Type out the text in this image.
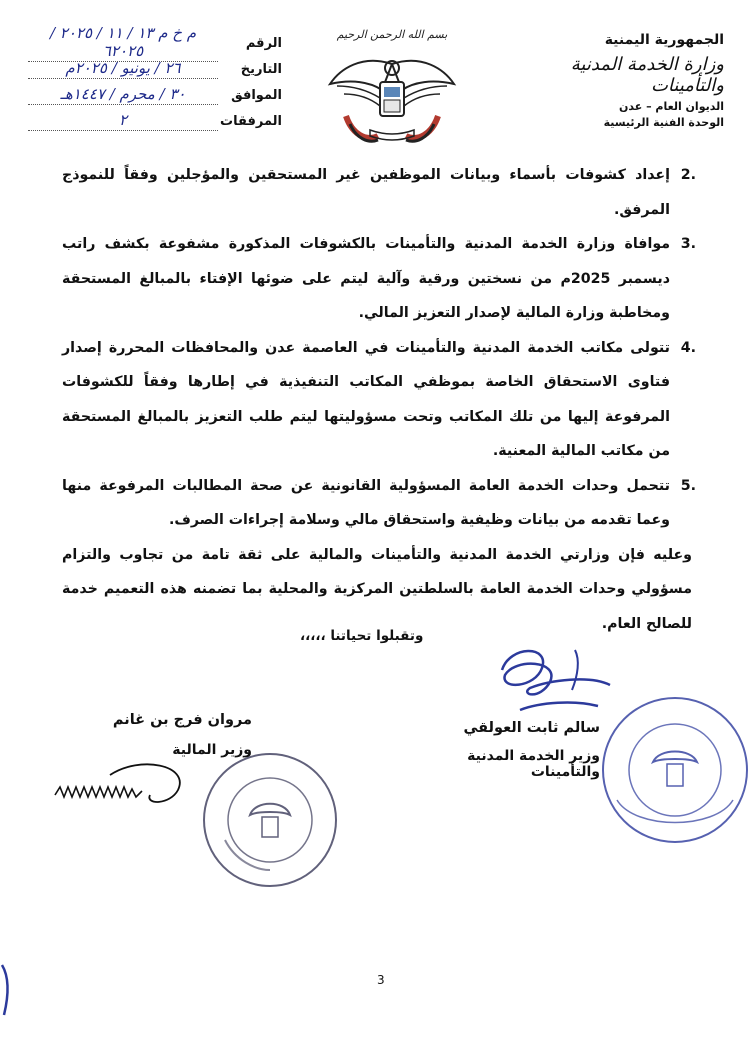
الجمهورية اليمنية
وزارة الخدمة المدنية والتأمينات
الديوان العام – عدن
الوحدة الفنية الرئيسية
بسم الله الرحمن الرحيم
الرقم
م خ م ١٣ / ١١ / ٢٠٢٥ / ٦٢٠٢٥
التاريخ
٢٦ / يونيو / ٢٠٢٥م
الموافق
٣٠ / محرم / ١٤٤٧هـ
المرفقات
٢

.2
إعداد كشوفات بأسماء وبيانات الموظفين غير المستحقين والمؤجلين وفقاً للنموذج المرفق.

.3
موافاة وزارة الخدمة المدنية والتأمينات بالكشوفات المذكورة مشفوعة بكشف راتب ديسمبر 2025م من نسختين ورقية وآلية ليتم على ضوئها الإفتاء بالمبالغ المستحقة ومخاطبة وزارة المالية لإصدار التعزيز المالي.

.4
تتولى مكاتب الخدمة المدنية والتأمينات في العاصمة عدن والمحافظات المحررة إصدار فتاوى الاستحقاق الخاصة بموظفي المكاتب التنفيذية في إطارها وفقاً للكشوفات المرفوعة إليها من تلك المكاتب وتحت مسؤوليتها ليتم طلب التعزيز بالمبالغ المستحقة من مكاتب المالية المعنية.

.5
تتحمل وحدات الخدمة العامة المسؤولية القانونية عن صحة المطالبات المرفوعة منها وعما تقدمه من بيانات وظيفية واستحقاق مالي وسلامة إجراءات الصرف.

وعليه فإن وزارتي الخدمة المدنية والتأمينات والمالية على ثقة تامة من تجاوب والتزام مسؤولي وحدات الخدمة العامة بالسلطتين المركزية والمحلية بما تضمنه هذه التعميم خدمة للصالح العام.

وتقبلوا تحياتنا ،،،،،
مروان فرج بن غانم
وزير المالية
سالم ثابت العولقي
وزير الخدمة المدنية والتأمينات
3
